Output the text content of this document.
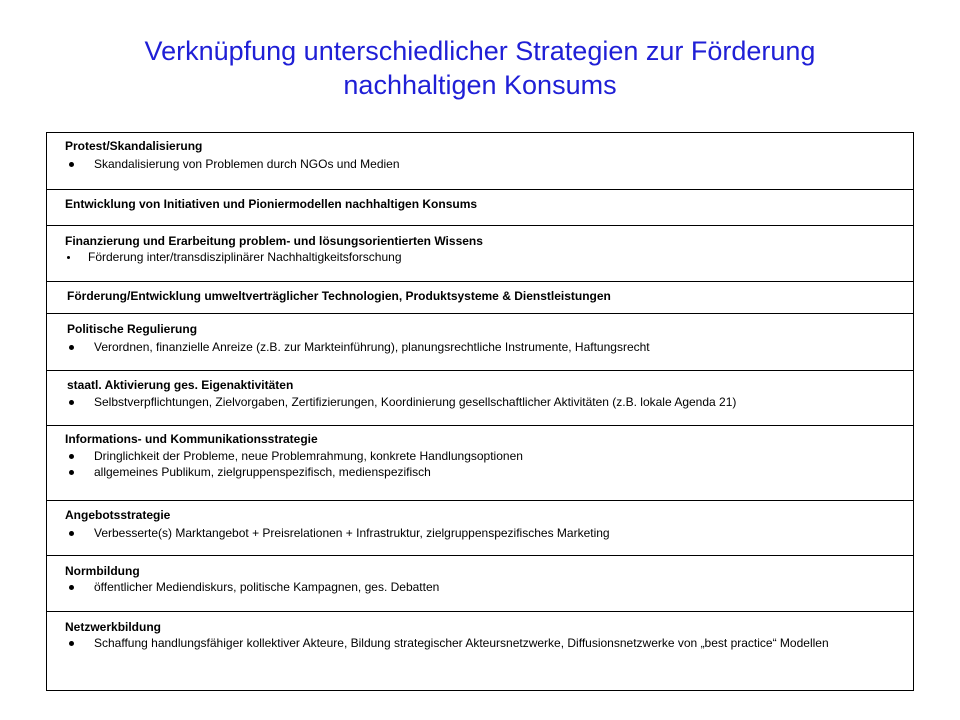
Verknüpfung unterschiedlicher Strategien zur Förderung
nachhaltigen Konsums
Protest/Skandalisierung
Skandalisierung von Problemen durch NGOs und Medien
Entwicklung von Initiativen und Pioniermodellen nachhaltigen Konsums
Finanzierung und Erarbeitung problem- und lösungsorientierten Wissens
Förderung inter/transdisziplinärer Nachhaltigkeitsforschung
Förderung/Entwicklung umweltverträglicher Technologien, Produktsysteme & Dienstleistungen
Politische Regulierung
Verordnen, finanzielle Anreize (z.B. zur Markteinführung), planungsrechtliche Instrumente, Haftungsrecht
staatl. Aktivierung ges. Eigenaktivitäten
Selbstverpflichtungen, Zielvorgaben, Zertifizierungen, Koordinierung gesellschaftlicher Aktivitäten (z.B. lokale Agenda 21)
Informations- und Kommunikationsstrategie
Dringlichkeit der Probleme, neue Problemrahmung, konkrete Handlungsoptionen
allgemeines Publikum, zielgruppenspezifisch, medienspezifisch
Angebotsstrategie
Verbesserte(s) Marktangebot + Preisrelationen + Infrastruktur, zielgruppenspezifisches Marketing
Normbildung
öffentlicher Mediendiskurs, politische Kampagnen, ges. Debatten
Netzwerkbildung
Schaffung handlungsfähiger kollektiver Akteure, Bildung strategischer Akteursnetzwerke, Diffusionsnetzwerke von „best practice“ Modellen
